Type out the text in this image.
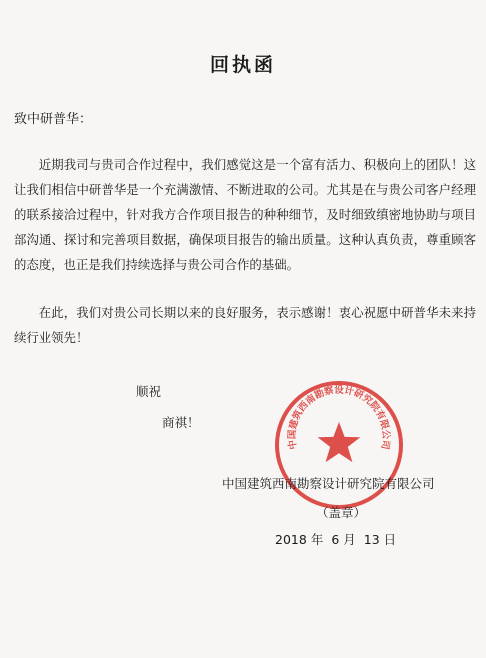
回执函
致中研普华：

近期我司与贵司合作过程中，我们感觉这是一个富有活力、积极向上的团队！这让我们相信中研普华是一个充满激情、不断进取的公司。尤其是在与贵公司客户经理的联系接洽过程中，针对我方合作项目报告的种种细节，及时细致缜密地协助与项目部沟通、探讨和完善项目数据，确保项目报告的输出质量。这种认真负责，尊重顾客的态度，也正是我们持续选择与贵公司合作的基础。

在此，我们对贵公司长期以来的良好服务，表示感谢！衷心祝愿中研普华未来持续行业领先！

顺祝
商祺！
中国建筑西南勘察设计研究院有限公司
中国建筑西南勘察设计研究院有限公司
（盖章）
2018 年 6 月 13 日
